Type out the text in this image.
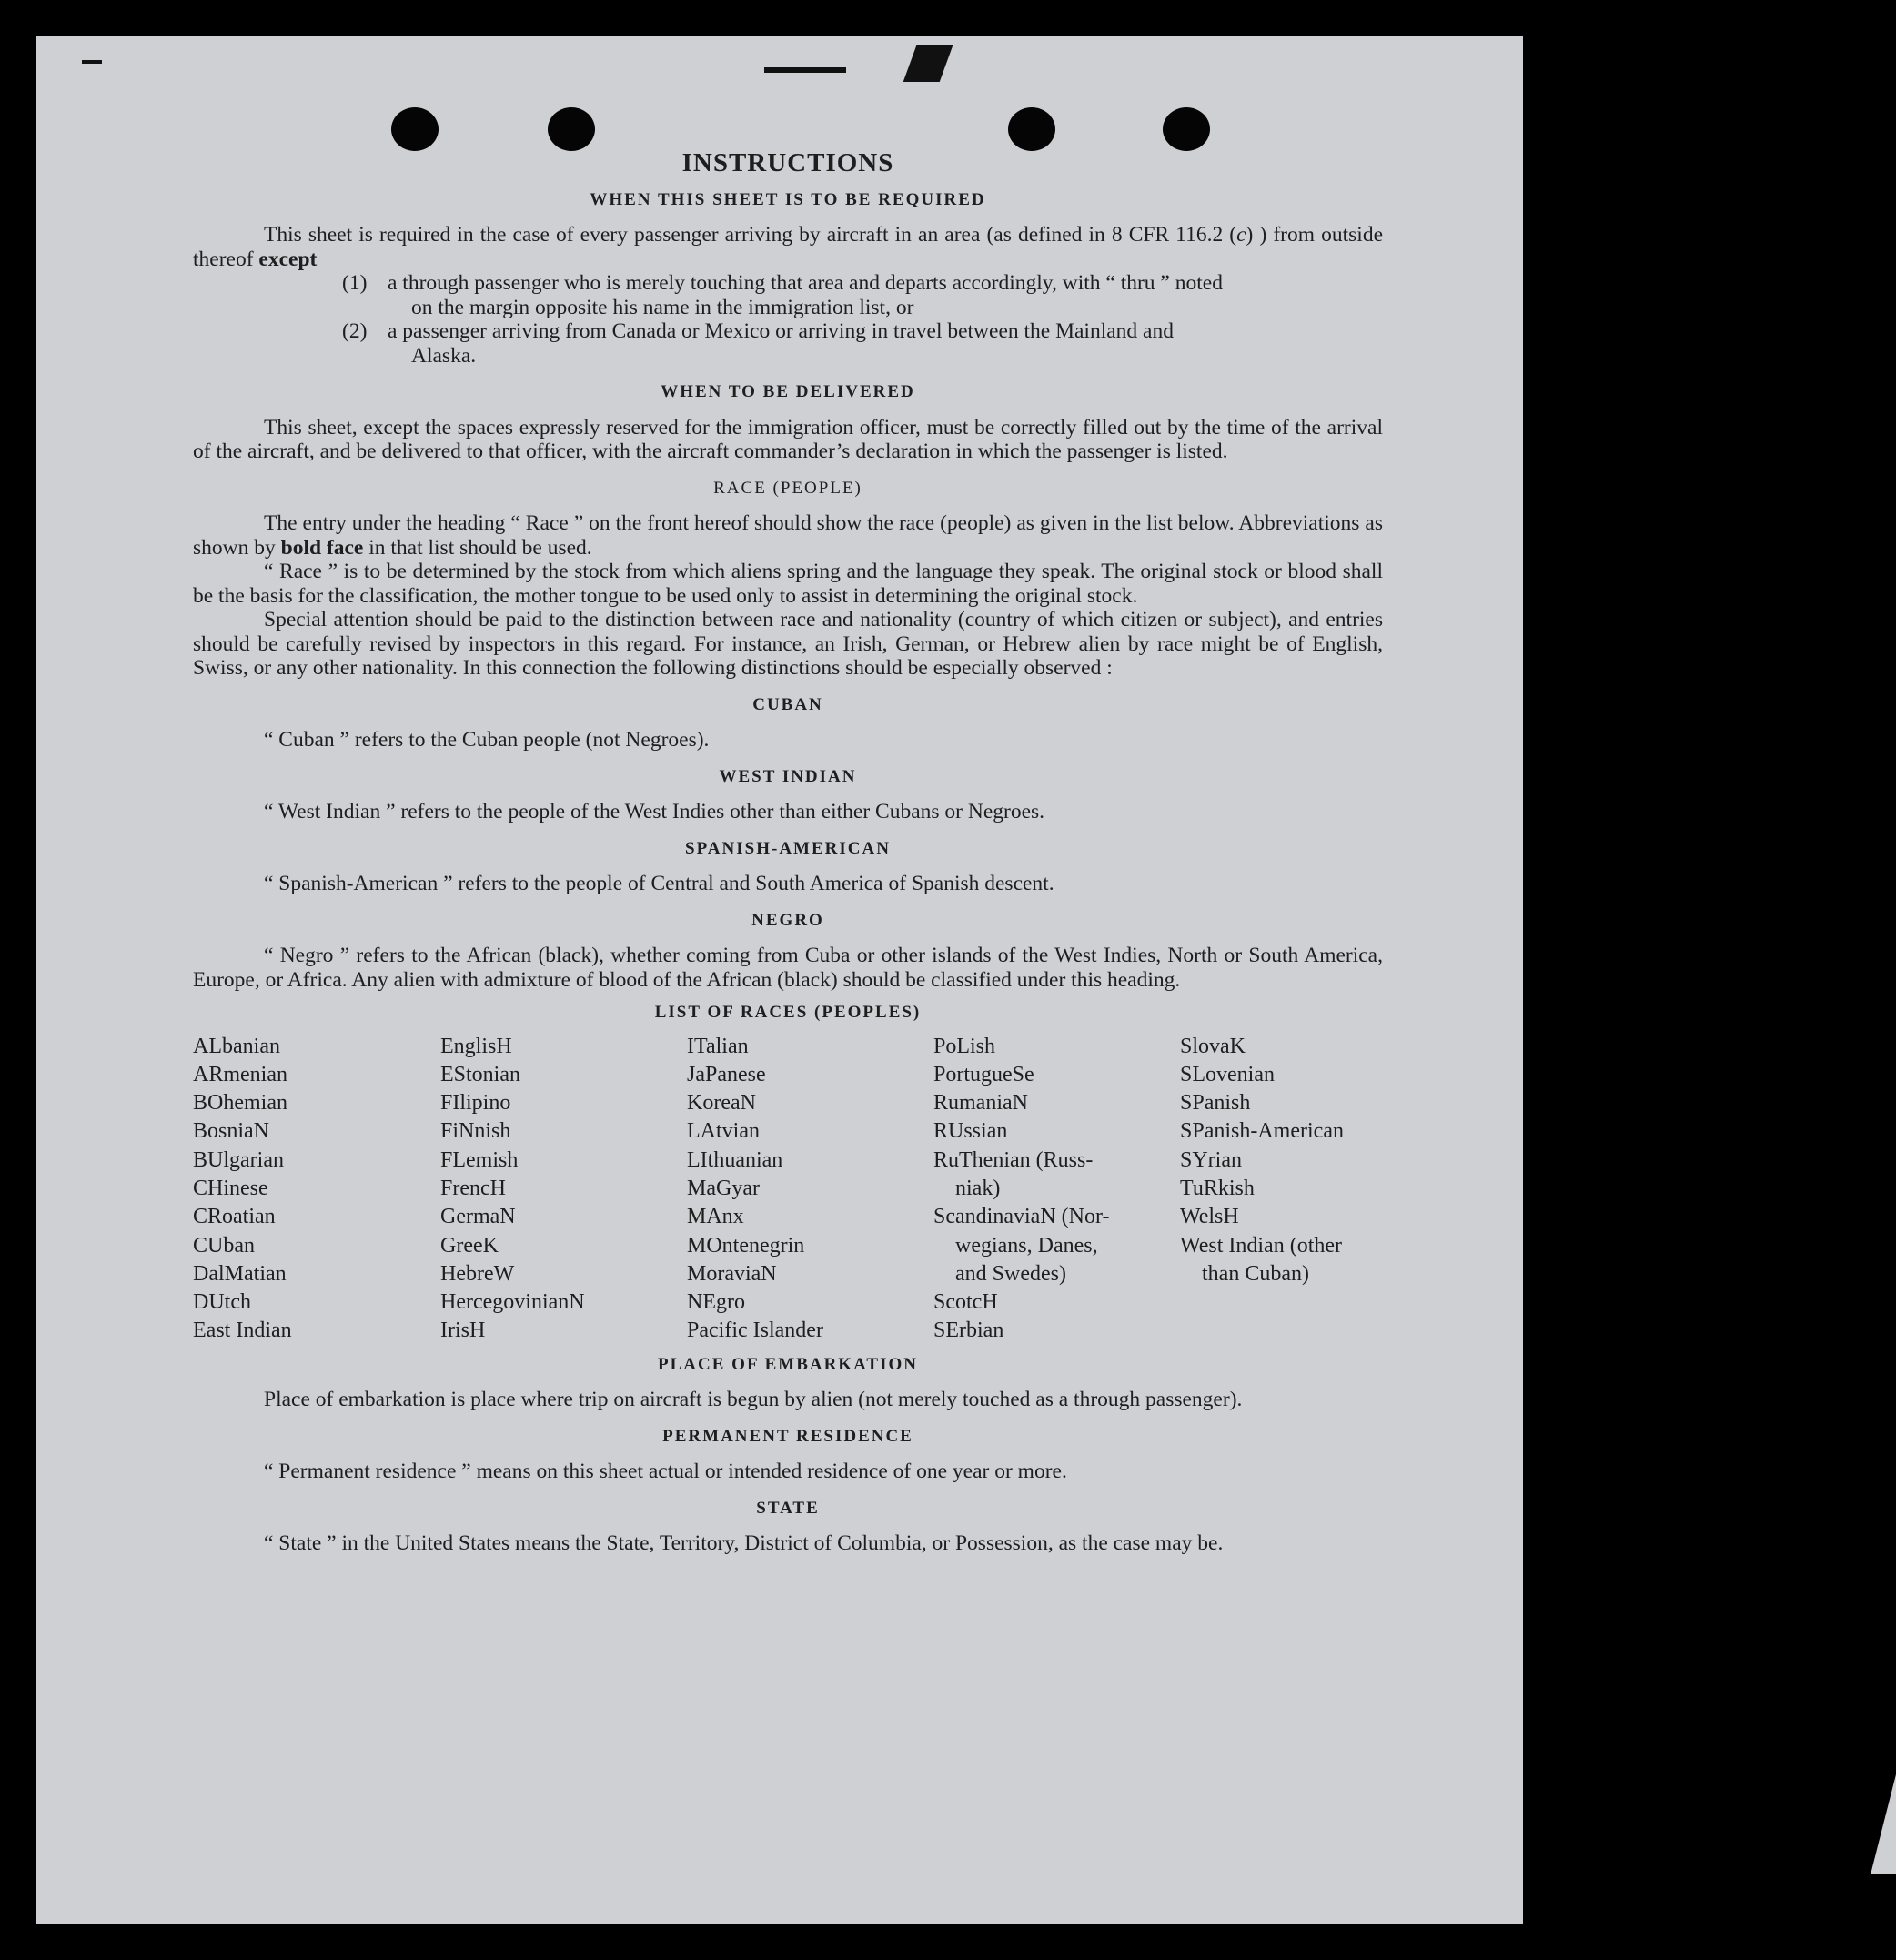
INSTRUCTIONS
WHEN THIS SHEET IS TO BE REQUIRED

This sheet is required in the case of every passenger arriving by aircraft in an area (as defined in 8 CFR 116.2 (c) ) from outside thereof except

(1) a through passenger who is merely touching that area and departs accordingly, with “ thru ” noted
on the margin opposite his name in the immigration list, or
(2) a passenger arriving from Canada or Mexico or arriving in travel between the Mainland and
Alaska.
WHEN TO BE DELIVERED

This sheet, except the spaces expressly reserved for the immigration officer, must be correctly filled out by the time of the arrival of the aircraft, and be delivered to that officer, with the aircraft commander’s declaration in which the passenger is listed.

RACE (PEOPLE)

The entry under the heading “ Race ” on the front hereof should show the race (people) as given in the list below. Abbreviations as shown by bold face in that list should be used.

“ Race ” is to be determined by the stock from which aliens spring and the language they speak. The original stock or blood shall be the basis for the classification, the mother tongue to be used only to assist in determining the original stock.

Special attention should be paid to the distinction between race and nationality (country of which citizen or subject), and entries should be carefully revised by inspectors in this regard. For instance, an Irish, German, or Hebrew alien by race might be of English, Swiss, or any other nationality. In this connection the following distinctions should be especially observed :

CUBAN

“ Cuban ” refers to the Cuban people (not Negroes).

WEST INDIAN

“ West Indian ” refers to the people of the West Indies other than either Cubans or Negroes.

SPANISH-AMERICAN

“ Spanish-American ” refers to the people of Central and South America of Spanish descent.

NEGRO

“ Negro ” refers to the African (black), whether coming from Cuba or other islands of the West Indies, North or South America, Europe, or Africa. Any alien with admixture of blood of the African (black) should be classified under this heading.

LIST OF RACES (PEOPLES)
ALbanian
ARmenian
BOhemian
BosniaN
BUlgarian
CHinese
CRoatian
CUban
DalMatian
DUtch
East Indian
EnglisH
EStonian
FIlipino
FiNnish
FLemish
FrencH
GermaN
GreeK
HebreW
HercegovinianN
IrisH
ITalian
JaPanese
KoreaN
LAtvian
LIthuanian
MaGyar
MAnx
MOntenegrin
MoraviaN
NEgro
Pacific Islander
PoLish
PortugueSe
RumaniaN
RUssian
RuThenian (Russ-
niak)
ScandinaviaN (Nor-
wegians, Danes,
and Swedes)
ScotcH
SErbian
SlovaK
SLovenian
SPanish
SPanish-American
SYrian
TuRkish
WelsH
West Indian (other
than Cuban)
PLACE OF EMBARKATION

Place of embarkation is place where trip on aircraft is begun by alien (not merely touched as a through passenger).

PERMANENT RESIDENCE

“ Permanent residence ” means on this sheet actual or intended residence of one year or more.

STATE

“ State ” in the United States means the State, Territory, District of Columbia, or Possession, as the case may be.
